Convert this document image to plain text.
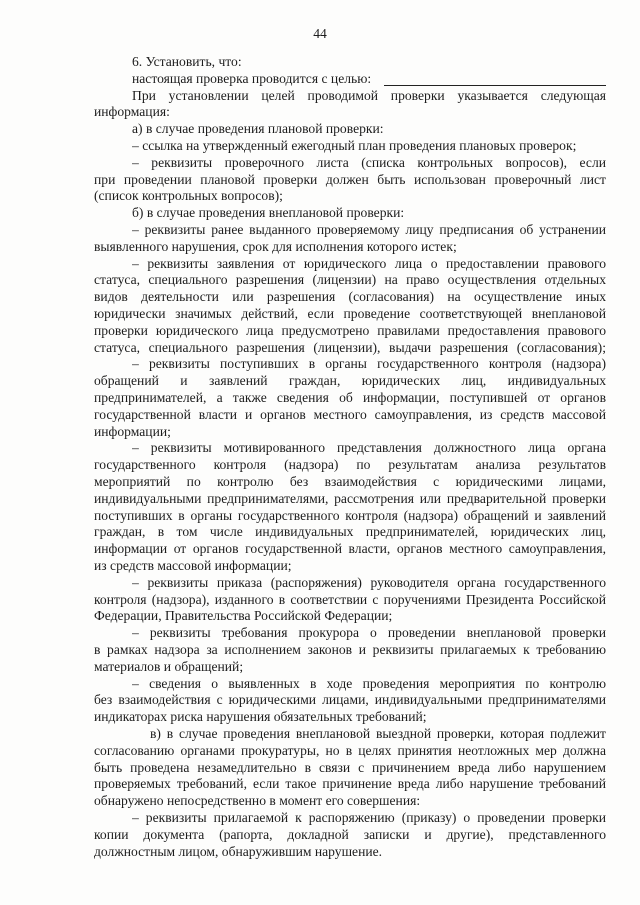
44
6. Установить, что:
настоящая проверка проводится с целью:
При установлении целей проводимой проверки указывается следующая
информация:
а) в случае проведения плановой проверки:
– ссылка на утвержденный ежегодный план проведения плановых проверок;
– реквизиты проверочного листа (списка контрольных вопросов), если
при проведении плановой проверки должен быть использован проверочный лист
(список контрольных вопросов);
б) в случае проведения внеплановой проверки:
– реквизиты ранее выданного проверяемому лицу предписания об устранении
выявленного нарушения, срок для исполнения которого истек;
– реквизиты заявления от юридического лица о предоставлении правового
статуса, специального разрешения (лицензии) на право осуществления отдельных
видов деятельности или разрешения (согласования) на осуществление иных
юридически значимых действий, если проведение соответствующей внеплановой
проверки юридического лица предусмотрено правилами предоставления правового
статуса, специального разрешения (лицензии), выдачи разрешения (согласования);
– реквизиты поступивших в органы государственного контроля (надзора)
обращений и заявлений граждан, юридических лиц, индивидуальных
предпринимателей, а также сведения об информации, поступившей от органов
государственной власти и органов местного самоуправления, из средств массовой
информации;
– реквизиты мотивированного представления должностного лица органа
государственного контроля (надзора) по результатам анализа результатов
мероприятий по контролю без взаимодействия с юридическими лицами,
индивидуальными предпринимателями, рассмотрения или предварительной проверки
поступивших в органы государственного контроля (надзора) обращений и заявлений
граждан, в том числе индивидуальных предпринимателей, юридических лиц,
информации от органов государственной власти, органов местного самоуправления,
из средств массовой информации;
– реквизиты приказа (распоряжения) руководителя органа государственного
контроля (надзора), изданного в соответствии с поручениями Президента Российской
Федерации, Правительства Российской Федерации;
– реквизиты требования прокурора о проведении внеплановой проверки
в рамках надзора за исполнением законов и реквизиты прилагаемых к требованию
материалов и обращений;
– сведения о выявленных в ходе проведения мероприятия по контролю
без взаимодействия с юридическими лицами, индивидуальными предпринимателями
индикаторах риска нарушения обязательных требований;
в) в случае проведения внеплановой выездной проверки, которая подлежит
согласованию органами прокуратуры, но в целях принятия неотложных мер должна
быть проведена незамедлительно в связи с причинением вреда либо нарушением
проверяемых требований, если такое причинение вреда либо нарушение требований
обнаружено непосредственно в момент его совершения:
– реквизиты прилагаемой к распоряжению (приказу) о проведении проверки
копии документа (рапорта, докладной записки и другие), представленного
должностным лицом, обнаружившим нарушение.
